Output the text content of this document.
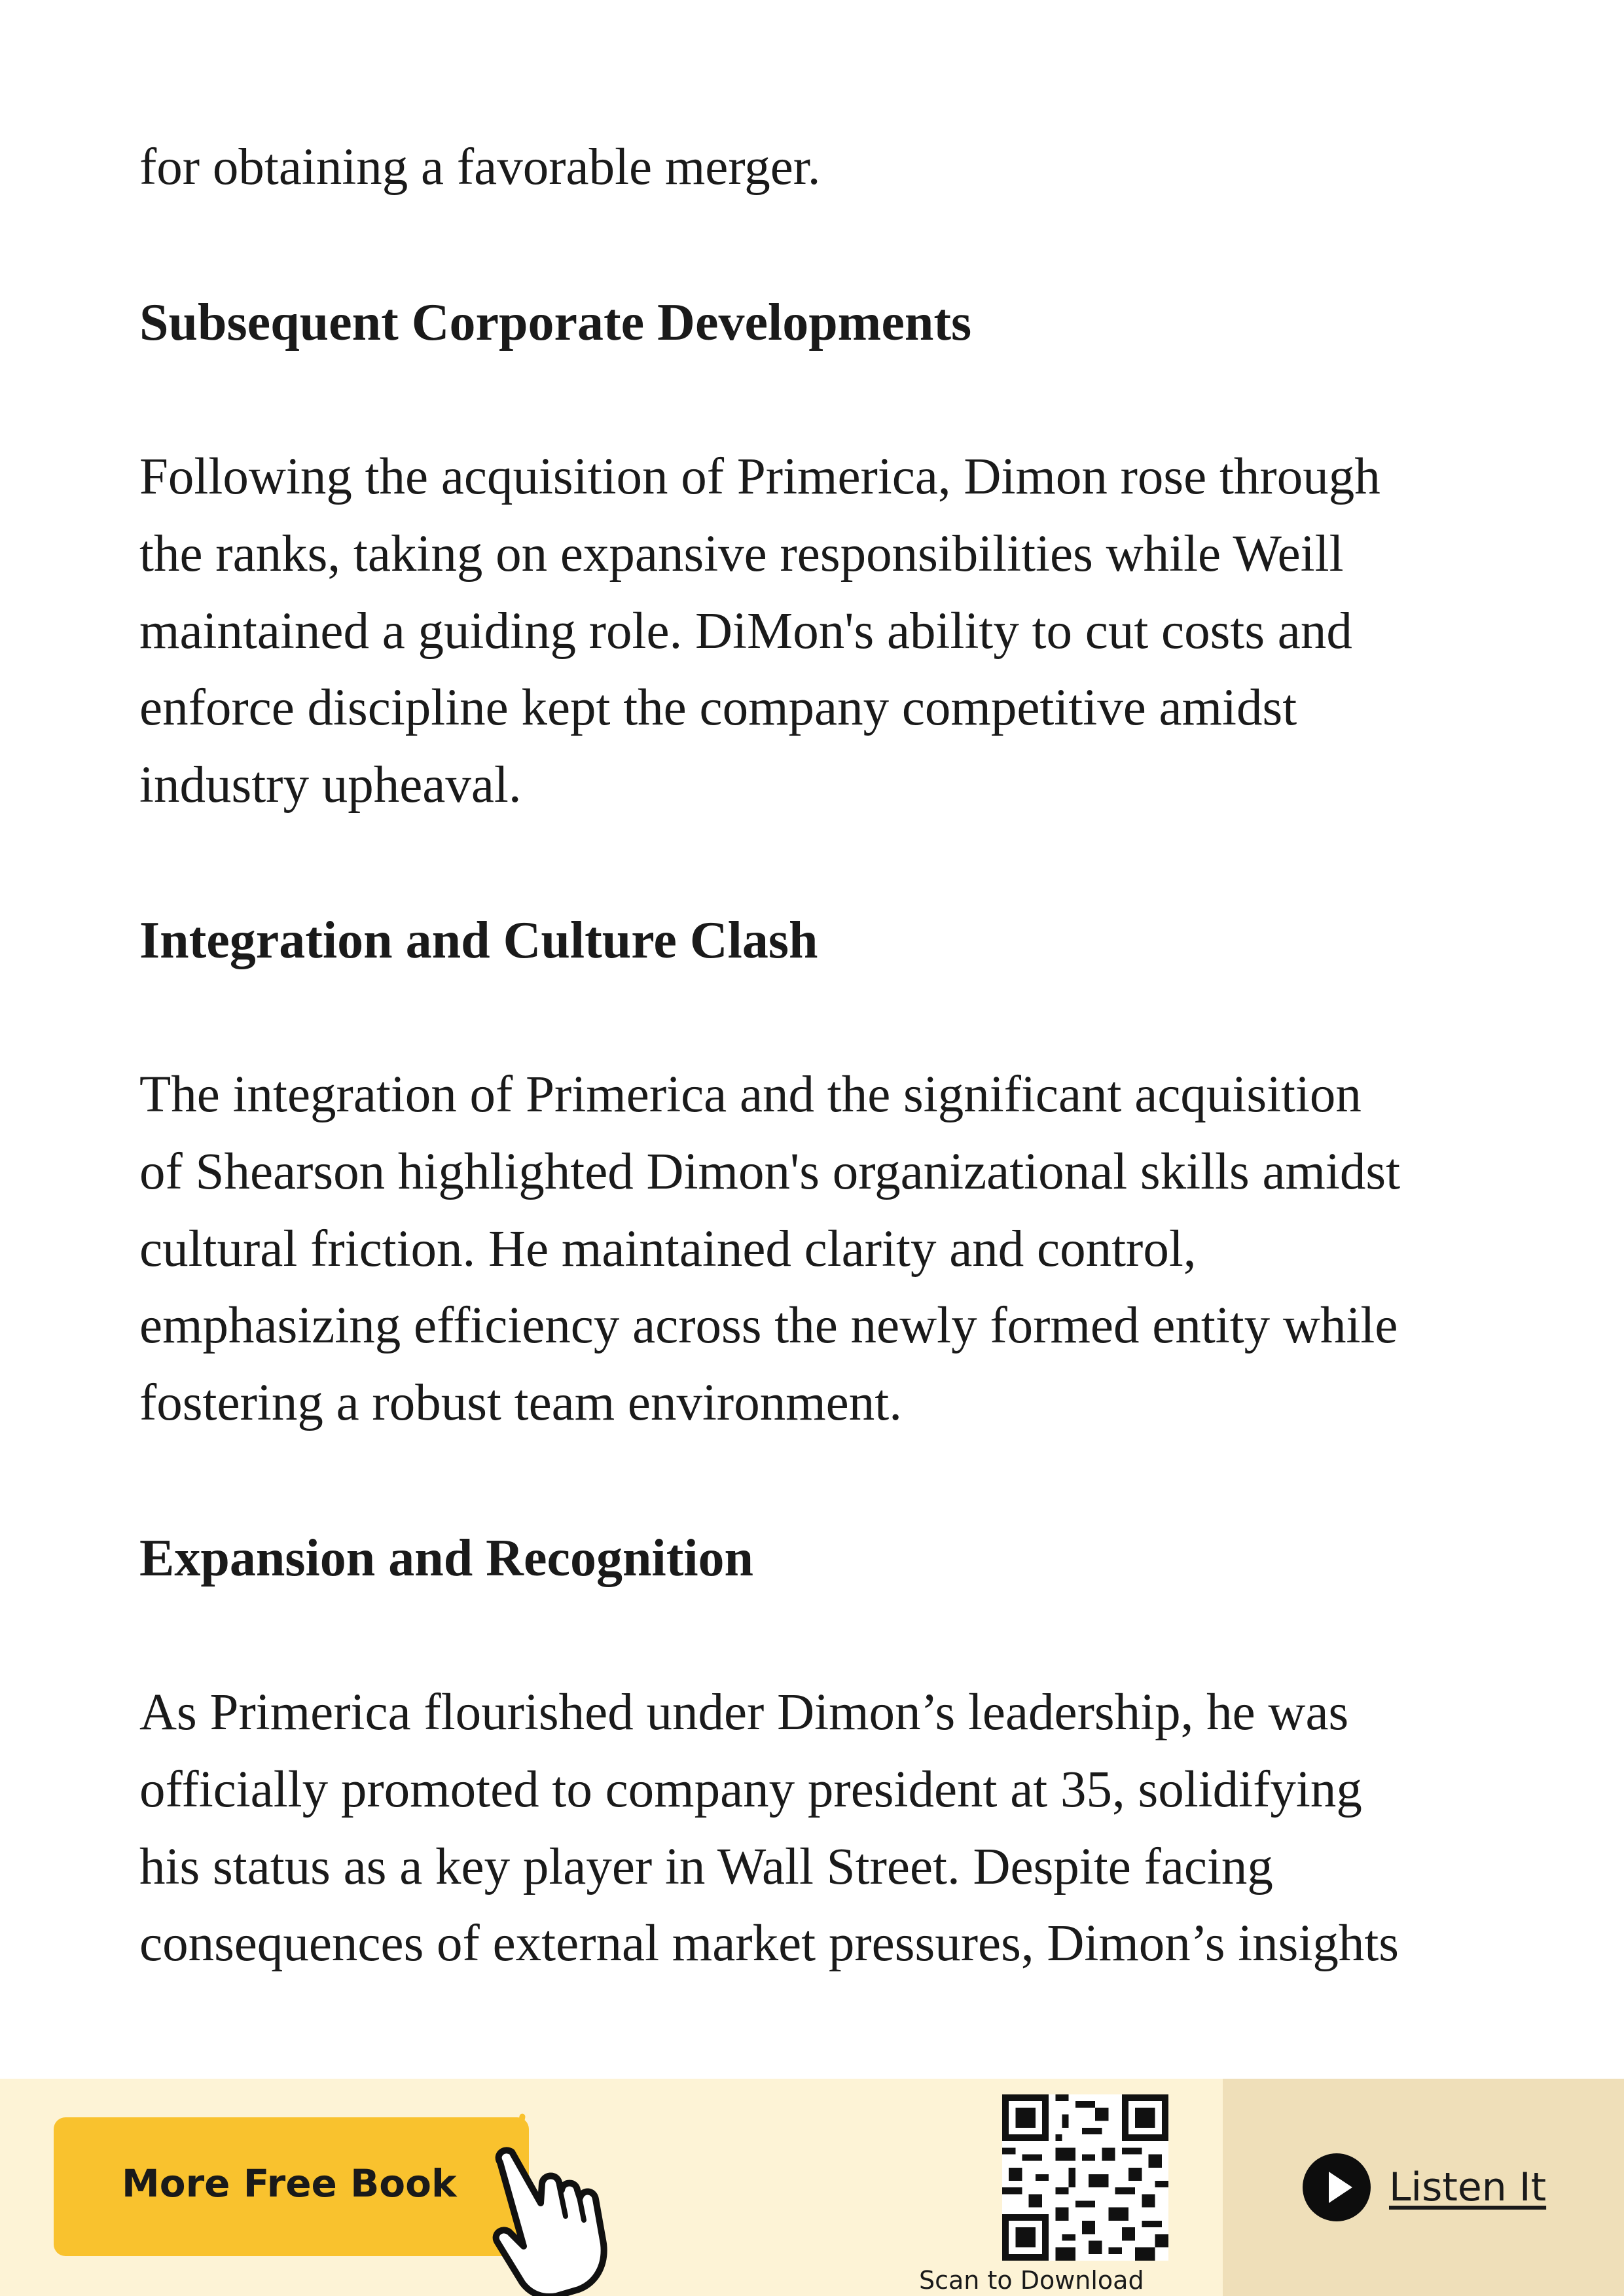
for obtaining a favorable merger.
Subsequent Corporate Developments
Following the acquisition of Primerica, Dimon rose through
the ranks, taking on expansive responsibilities while Weill
maintained a guiding role. DiMon's ability to cut costs and
enforce discipline kept the company competitive amidst
industry upheaval.
Integration and Culture Clash
The integration of Primerica and the significant acquisition
of Shearson highlighted Dimon's organizational skills amidst
cultural friction. He maintained clarity and control,
emphasizing efficiency across the newly formed entity while
fostering a robust team environment.
Expansion and Recognition
As Primerica flourished under Dimon’s leadership, he was
officially promoted to company president at 35, solidifying
his status as a key player in Wall Street. Despite facing
consequences of external market pressures, Dimon’s insights
More Free Book
Scan to Download
Listen It
